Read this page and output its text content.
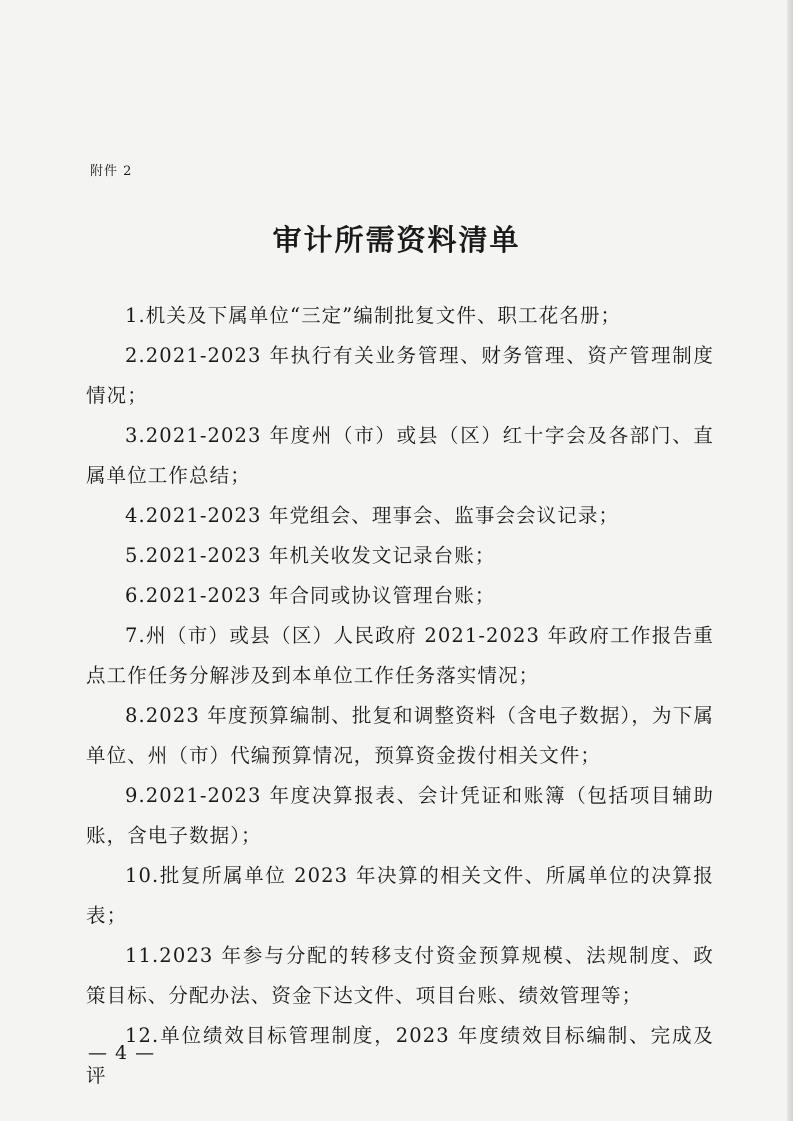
附件 2
审计所需资料清单

1.机关及下属单位“三定”编制批复文件、职工花名册；

2.2021-2023 年执行有关业务管理、财务管理、资产管理制度情况；

3.2021-2023 年度州（市）或县（区）红十字会及各部门、直属单位工作总结；

4.2021-2023 年党组会、理事会、监事会会议记录；

5.2021-2023 年机关收发文记录台账；

6.2021-2023 年合同或协议管理台账；

7.州（市）或县（区）人民政府 2021-2023 年政府工作报告重点工作任务分解涉及到本单位工作任务落实情况；

8.2023 年度预算编制、批复和调整资料（含电子数据），为下属单位、州（市）代编预算情况，预算资金拨付相关文件；

9.2021-2023 年度决算报表、会计凭证和账簿（包括项目辅助账，含电子数据）；

10.批复所属单位 2023 年决算的相关文件、所属单位的决算报表；

11.2023 年参与分配的转移支付资金预算规模、法规制度、政策目标、分配办法、资金下达文件、项目台账、绩效管理等；

12.单位绩效目标管理制度，2023 年度绩效目标编制、完成及评

— 4 —
